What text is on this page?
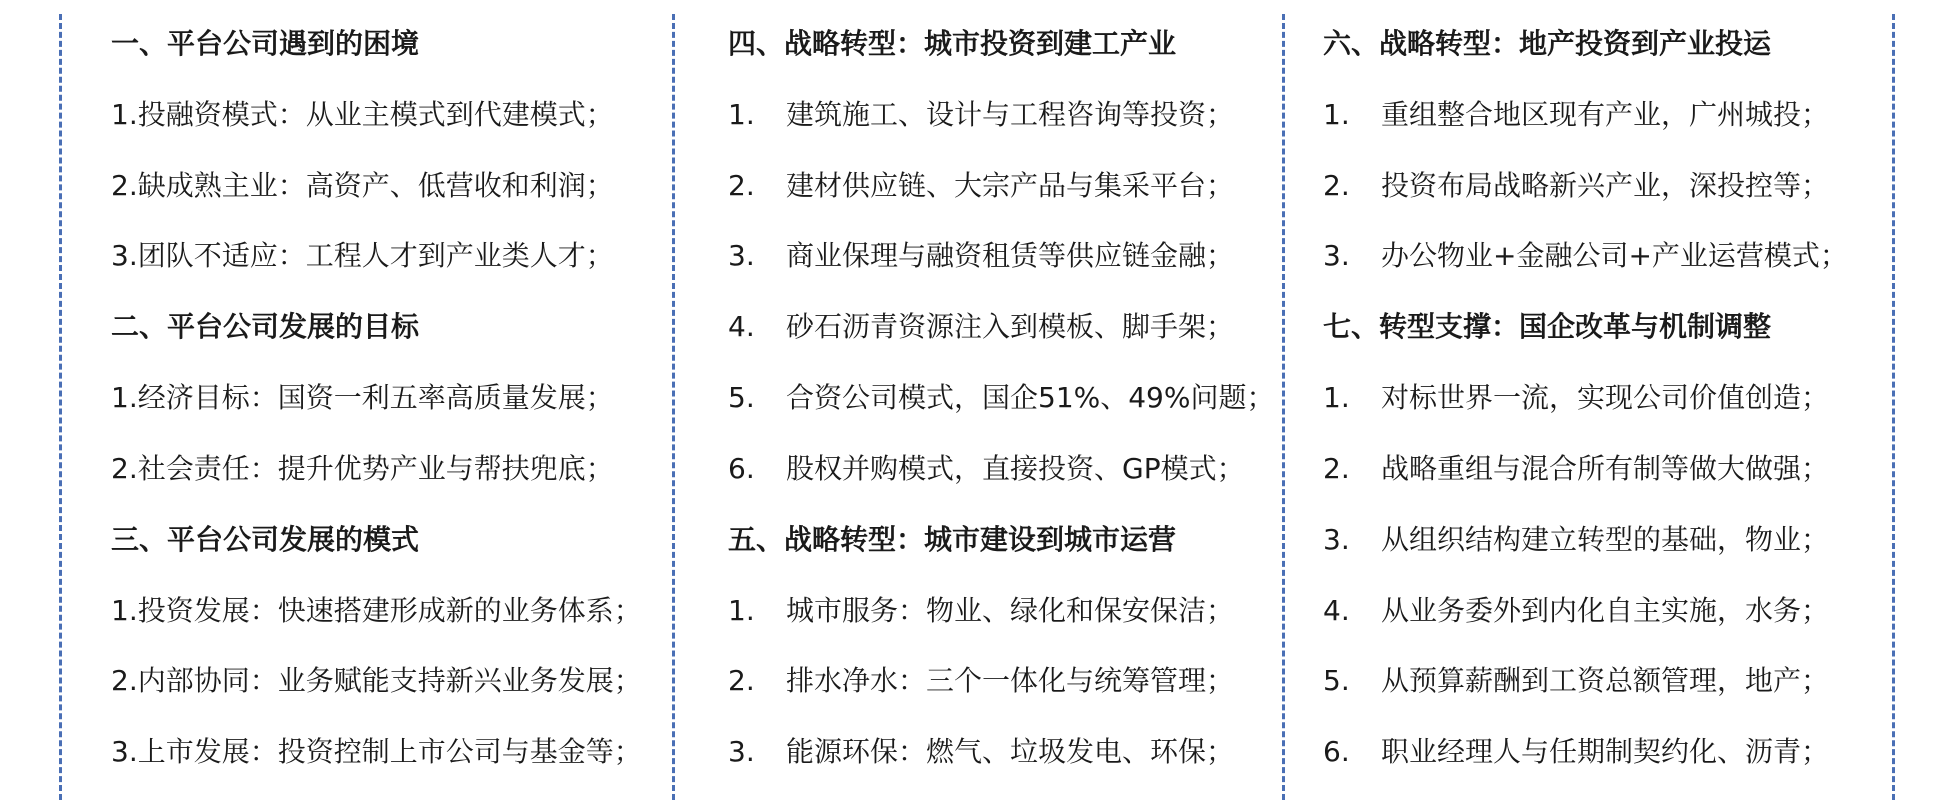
一、平台公司遇到的困境
1.投融资模式：从业主模式到代建模式；
2.缺成熟主业：高资产、低营收和利润；
3.团队不适应：工程人才到产业类人才；
二、平台公司发展的目标
1.经济目标：国资一利五率高质量发展；
2.社会责任：提升优势产业与帮扶兜底；
三、平台公司发展的模式
1.投资发展：快速搭建形成新的业务体系；
2.内部协同：业务赋能支持新兴业务发展；
3.上市发展：投资控制上市公司与基金等；
四、战略转型：城市投资到建工产业
1. 建筑施工、设计与工程咨询等投资；
2. 建材供应链、大宗产品与集采平台；
3. 商业保理与融资租赁等供应链金融；
4. 砂石沥青资源注入到模板、脚手架；
5. 合资公司模式，国企51%、49%问题；
6. 股权并购模式，直接投资、GP模式；
五、战略转型：城市建设到城市运营
1. 城市服务：物业、绿化和保安保洁；
2. 排水净水：三个一体化与统筹管理；
3. 能源环保：燃气、垃圾发电、环保；
六、战略转型：地产投资到产业投运
1. 重组整合地区现有产业，广州城投；
2. 投资布局战略新兴产业，深投控等；
3. 办公物业+金融公司+产业运营模式；
七、转型支撑：国企改革与机制调整
1. 对标世界一流，实现公司价值创造；
2. 战略重组与混合所有制等做大做强；
3. 从组织结构建立转型的基础，物业；
4. 从业务委外到内化自主实施，水务；
5. 从预算薪酬到工资总额管理，地产；
6. 职业经理人与任期制契约化、沥青；
